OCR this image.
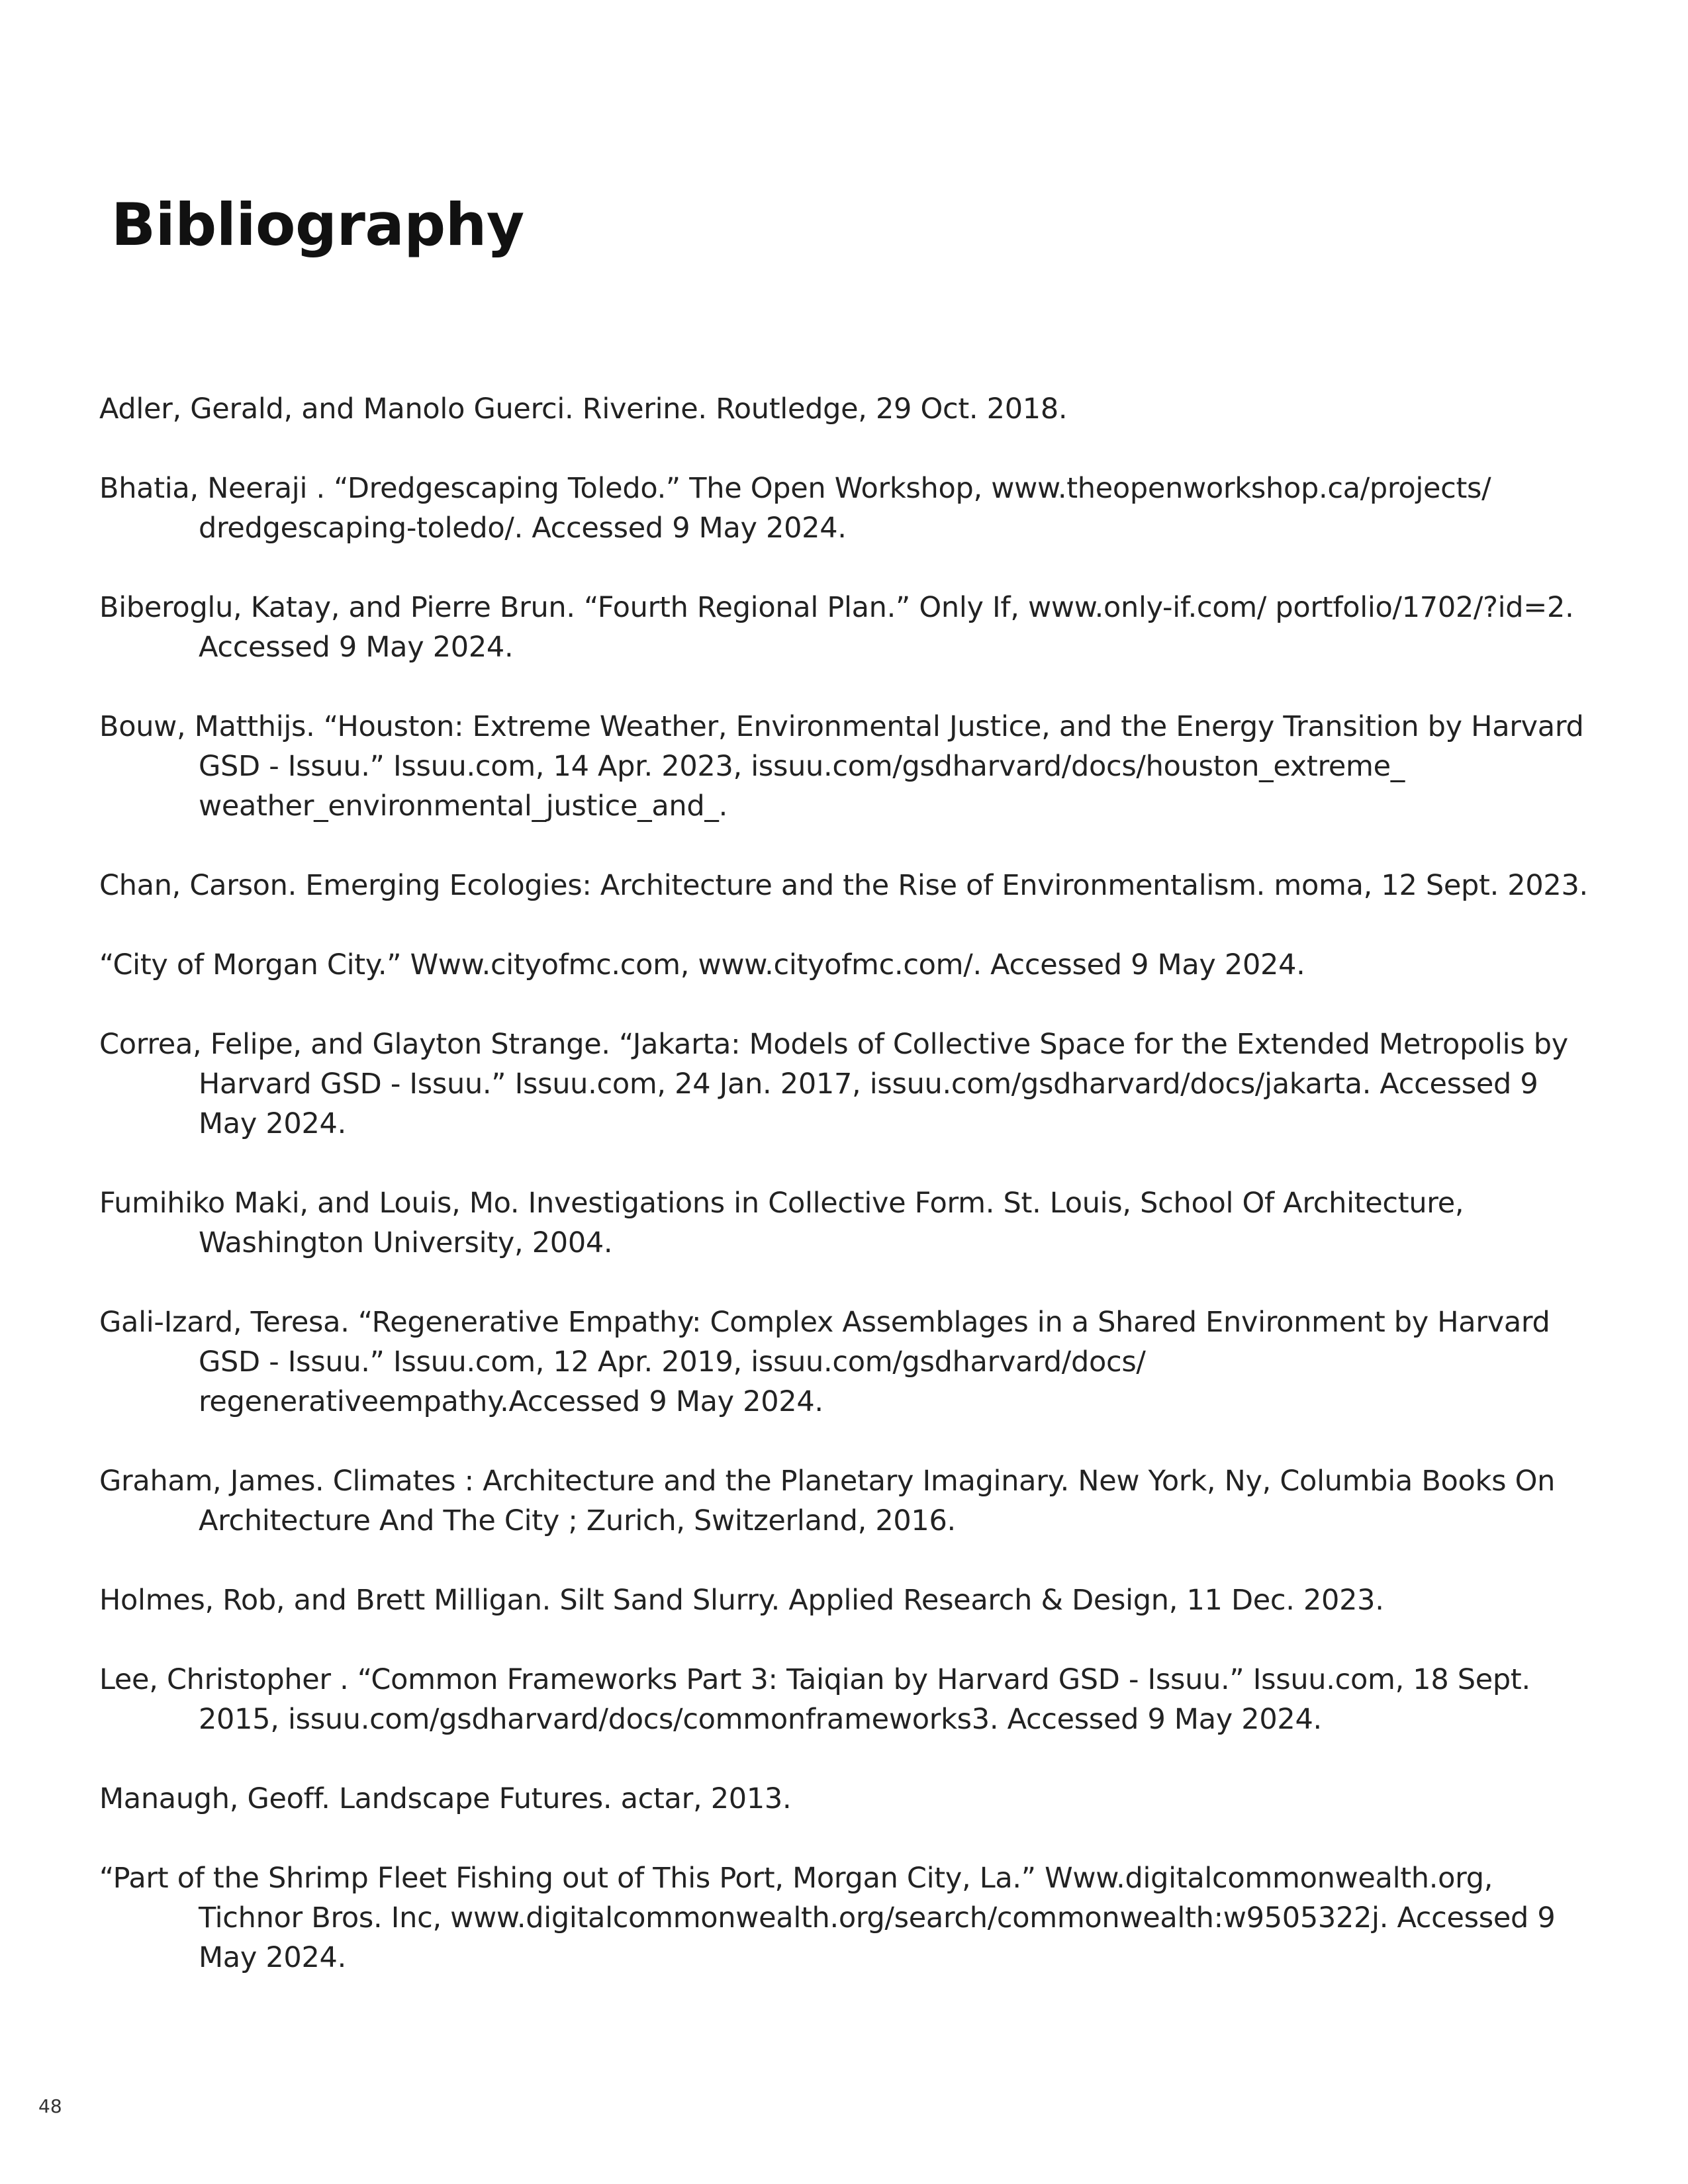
Bibliography
Adler, Gerald, and Manolo Guerci. Riverine. Routledge, 29 Oct. 2018.
Bhatia, Neeraji . “Dredgescaping Toledo.” The Open Workshop, www.theopenworkshop.ca/projects/ dredgescaping-toledo/. Accessed 9 May 2024.
Biberoglu, Katay, and Pierre Brun. “Fourth Regional Plan.” Only If, www.only-if.com/ portfolio/1702/?id=2. Accessed 9 May 2024.
Bouw, Matthijs. “Houston: Extreme Weather, Environmental Justice, and the Energy Transition by Harvard GSD - Issuu.” Issuu.com, 14 Apr. 2023, issuu.com/gsdharvard/docs/houston_extreme_ weather_environmental_justice_and_.
Chan, Carson. Emerging Ecologies: Architecture and the Rise of Environmentalism. moma, 12 Sept. 2023.
“City of Morgan City.” Www.cityofmc.com, www.cityofmc.com/. Accessed 9 May 2024.
Correa, Felipe, and Glayton Strange. “Jakarta: Models of Collective Space for the Extended Metropolis by Harvard GSD - Issuu.” Issuu.com, 24 Jan. 2017, issuu.com/gsdharvard/docs/jakarta. Accessed 9 May 2024.
Fumihiko Maki, and Louis, Mo. Investigations in Collective Form. St. Louis, School Of Architecture, Washington University, 2004.
Gali-Izard, Teresa. “Regenerative Empathy: Complex Assemblages in a Shared Environment by Harvard GSD - Issuu.” Issuu.com, 12 Apr. 2019, issuu.com/gsdharvard/docs/ regenerativeempathy.Accessed 9 May 2024.
Graham, James. Climates : Architecture and the Planetary Imaginary. New York, Ny, Columbia Books On Architecture And The City ; Zurich, Switzerland, 2016.
Holmes, Rob, and Brett Milligan. Silt Sand Slurry. Applied Research & Design, 11 Dec. 2023.
Lee, Christopher . “Common Frameworks Part 3: Taiqian by Harvard GSD - Issuu.” Issuu.com, 18 Sept. 2015, issuu.com/gsdharvard/docs/commonframeworks3. Accessed 9 May 2024.
Manaugh, Geoff. Landscape Futures. actar, 2013.
“Part of the Shrimp Fleet Fishing out of This Port, Morgan City, La.” Www.digitalcommonwealth.org, Tichnor Bros. Inc, www.digitalcommonwealth.org/search/commonwealth:w9505322j. Accessed 9 May 2024.
48
